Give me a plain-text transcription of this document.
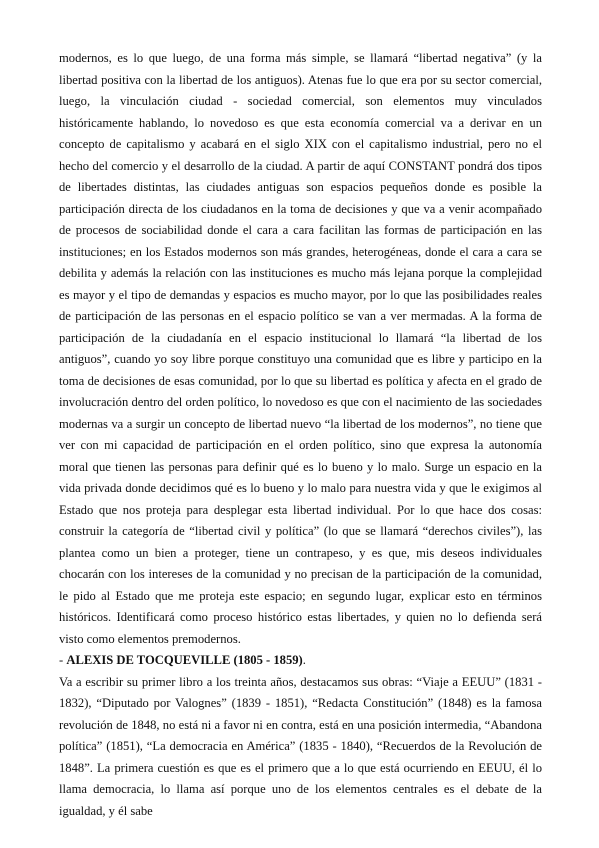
modernos, es lo que luego, de una forma más simple, se llamará “libertad negativa” (y la libertad positiva con la libertad de los antiguos). Atenas fue lo que era por su sector comercial, luego, la vinculación ciudad - sociedad comercial, son elementos muy vinculados históricamente hablando, lo novedoso es que esta economía comercial va a derivar en un concepto de capitalismo y acabará en el siglo XIX con el capitalismo industrial, pero no el hecho del comercio y el desarrollo de la ciudad. A partir de aquí CONSTANT pondrá dos tipos de libertades distintas, las ciudades antiguas son espacios pequeños donde es posible la participación directa de los ciudadanos en la toma de decisiones y que va a venir acompañado de procesos de sociabilidad donde el cara a cara facilitan las formas de participación en las instituciones; en los Estados modernos son más grandes, heterogéneas, donde el cara a cara se debilita y además la relación con las instituciones es mucho más lejana porque la complejidad es mayor y el tipo de demandas y espacios es mucho mayor, por lo que las posibilidades reales de participación de las personas en el espacio político se van a ver mermadas. A la forma de participación de la ciudadanía en el espacio institucional lo llamará “la libertad de los antiguos”, cuando yo soy libre porque constituyo una comunidad que es libre y participo en la toma de decisiones de esas comunidad, por lo que su libertad es política y afecta en el grado de involucración dentro del orden político, lo novedoso es que con el nacimiento de las sociedades modernas va a surgir un concepto de libertad nuevo “la libertad de los modernos”, no tiene que ver con mi capacidad de participación en el orden político, sino que expresa la autonomía moral que tienen las personas para definir qué es lo bueno y lo malo. Surge un espacio en la vida privada donde decidimos qué es lo bueno y lo malo para nuestra vida y que le exigimos al Estado que nos proteja para desplegar esta libertad individual. Por lo que hace dos cosas: construir la categoría de “libertad civil y política” (lo que se llamará “derechos civiles”), las plantea como un bien a proteger, tiene un contrapeso, y es que, mis deseos individuales chocarán con los intereses de la comunidad y no precisan de la participación de la comunidad, le pido al Estado que me proteja este espacio; en segundo lugar, explicar esto en términos históricos. Identificará como proceso histórico estas libertades, y quien no lo defienda será visto como elementos premodernos.

- ALEXIS DE TOCQUEVILLE (1805 - 1859).

Va a escribir su primer libro a los treinta años, destacamos sus obras: “Viaje a EEUU” (1831 - 1832), “Diputado por Valognes” (1839 - 1851), “Redacta Constitución” (1848) es la famosa revolución de 1848, no está ni a favor ni en contra, está en una posición intermedia, “Abandona política” (1851), “La democracia en América” (1835 - 1840), “Recuerdos de la Revolución de 1848”. La primera cuestión es que es el primero que a lo que está ocurriendo en EEUU, él lo llama democracia, lo llama así porque uno de los elementos centrales es el debate de la igualdad, y él sabe
